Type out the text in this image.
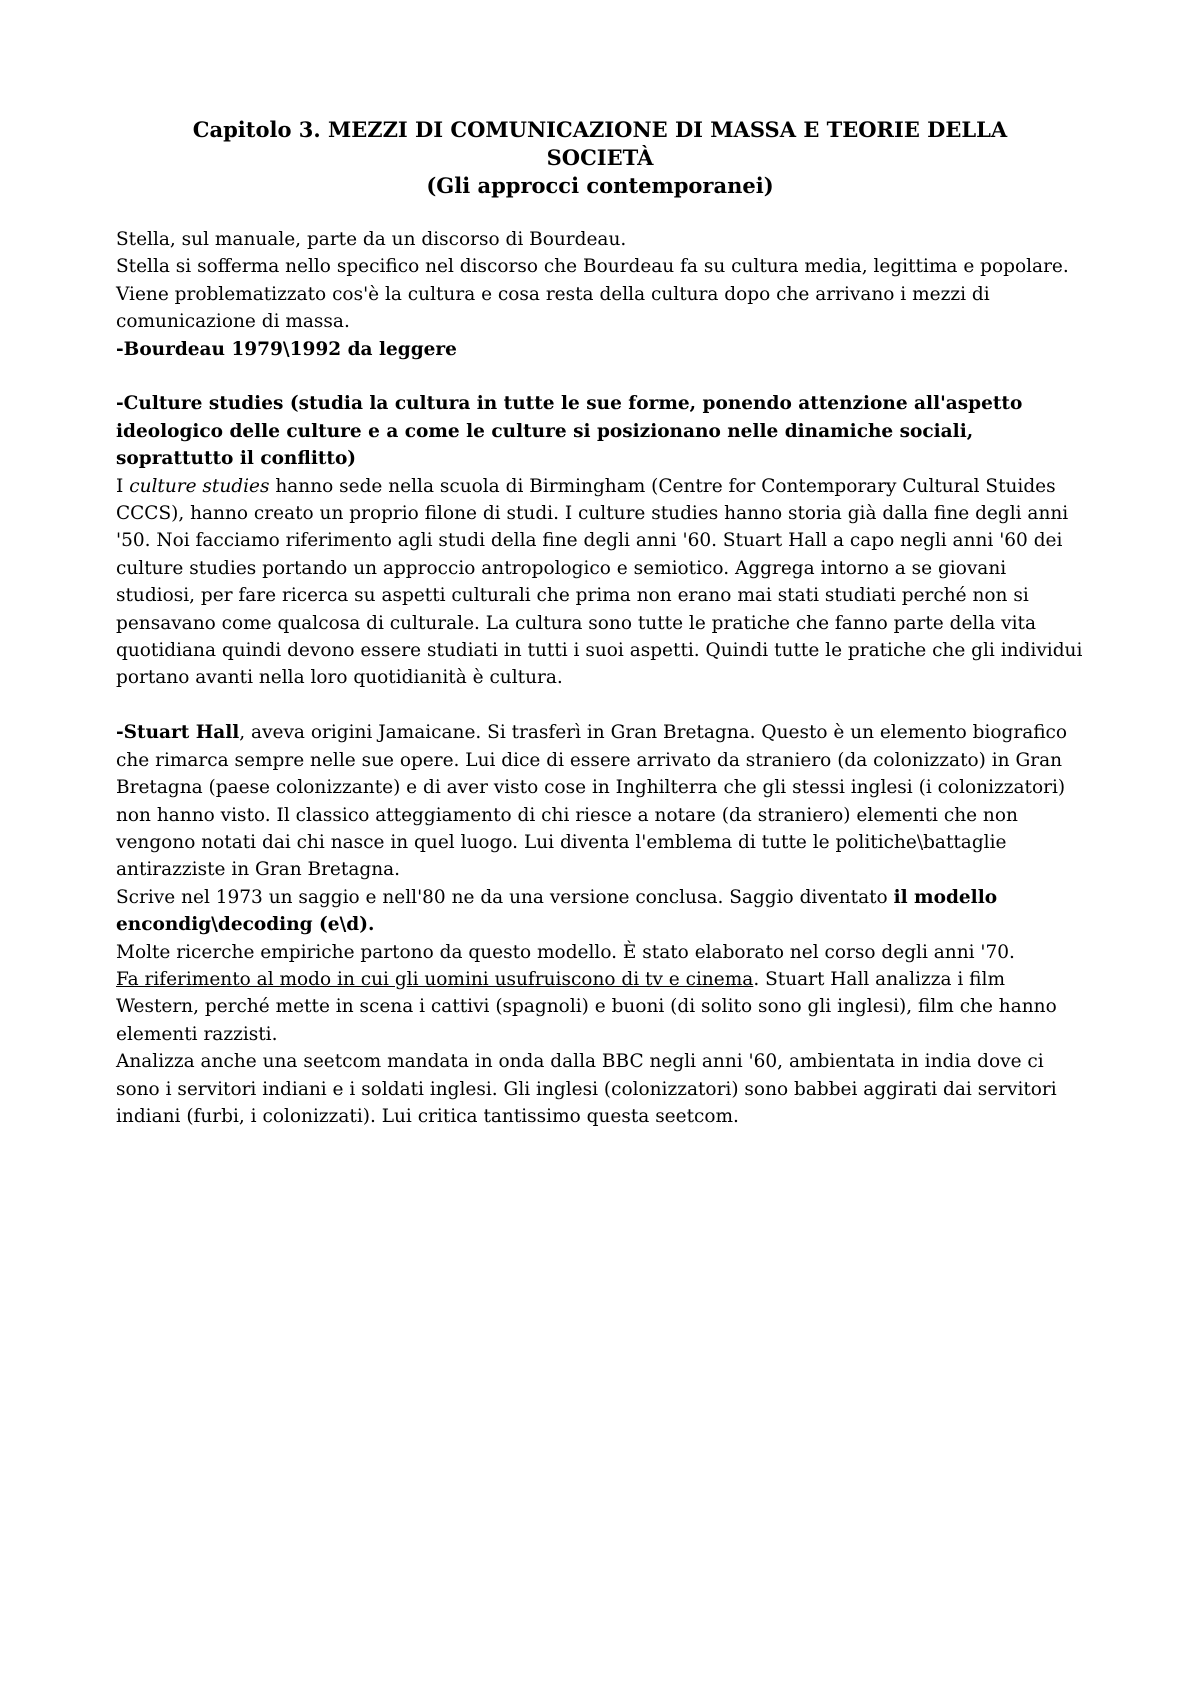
Capitolo 3. MEZZI DI COMUNICAZIONE DI MASSA E TEORIE DELLA
SOCIETÀ
(Gli approcci contemporanei)

Stella, sul manuale, parte da un discorso di Bourdeau.

Stella si sofferma nello specifico nel discorso che Bourdeau fa su cultura media, legittima e popolare. Viene problematizzato cos'è la cultura e cosa resta della cultura dopo che arrivano i mezzi di comunicazione di massa.

-Bourdeau 1979\1992 da leggere

-Culture studies (studia la cultura in tutte le sue forme, ponendo attenzione all'aspetto ideologico delle culture e a come le culture si posizionano nelle dinamiche sociali, soprattutto il conflitto)

I culture studies hanno sede nella scuola di Birmingham (Centre for Contemporary Cultural Stuides CCCS), hanno creato un proprio filone di studi. I culture studies hanno storia già dalla fine degli anni '50. Noi facciamo riferimento agli studi della fine degli anni '60. Stuart Hall a capo negli anni '60 dei culture studies portando un approccio antropologico e semiotico. Aggrega intorno a se giovani studiosi, per fare ricerca su aspetti culturali che prima non erano mai stati studiati perché non si pensavano come qualcosa di culturale. La cultura sono tutte le pratiche che fanno parte della vita quotidiana quindi devono essere studiati in tutti i suoi aspetti. Quindi tutte le pratiche che gli individui portano avanti nella loro quotidianità è cultura.

-Stuart Hall, aveva origini Jamaicane. Si trasferì in Gran Bretagna. Questo è un elemento biografico che rimarca sempre nelle sue opere. Lui dice di essere arrivato da straniero (da colonizzato) in Gran Bretagna (paese colonizzante) e di aver visto cose in Inghilterra che gli stessi inglesi (i colonizzatori) non hanno visto. Il classico atteggiamento di chi riesce a notare (da straniero) elementi che non vengono notati dai chi nasce in quel luogo. Lui diventa l'emblema di tutte le politiche\battaglie antirazziste in Gran Bretagna.

Scrive nel 1973 un saggio e nell'80 ne da una versione conclusa. Saggio diventato il modello encondig\decoding (e\d).

Molte ricerche empiriche partono da questo modello. È stato elaborato nel corso degli anni '70.

Fa riferimento al modo in cui gli uomini usufruiscono di tv e cinema. Stuart Hall analizza i film Western, perché mette in scena i cattivi (spagnoli) e buoni (di solito sono gli inglesi), film che hanno elementi razzisti.

Analizza anche una seetcom mandata in onda dalla BBC negli anni '60, ambientata in india dove ci sono i servitori indiani e i soldati inglesi. Gli inglesi (colonizzatori) sono babbei aggirati dai servitori indiani (furbi, i colonizzati). Lui critica tantissimo questa seetcom.
